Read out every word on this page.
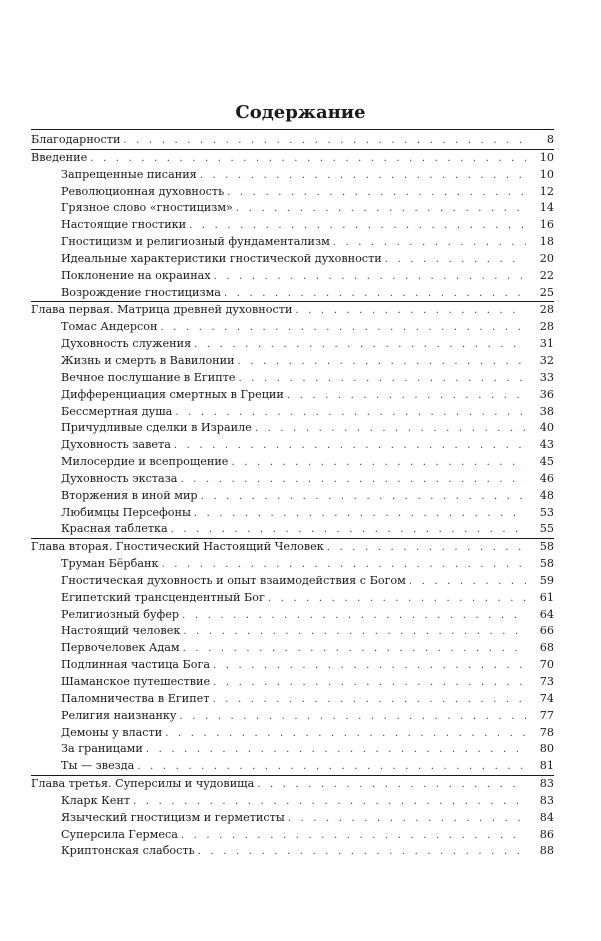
Содержание
Благодарности . . .	8
Введение . . .	10
Запрещенные писания . . .	10
Революционная духовность . . .	12
Грязное слово «гностицизм» . . .	14
Настоящие гностики . . .	16
Гностицизм и религиозный фундаментализм . . .	18
Идеальные характеристики гностической духовности . . .	20
Поклонение на окраинах . . .	22
Возрождение гностицизма . . .	25
Глава первая. Матрица древней духовности . . .	28
Томас Андерсон . . .	28
Духовность служения . . .	31
Жизнь и смерть в Вавилонии . . .	32
Вечное послушание в Египте . . .	33
Дифференциация смертных в Греции . . .	36
Бессмертная душа . . .	38
Причудливые сделки в Израиле . . .	40
Духовность завета . . .	43
Милосердие и всепрощение . . .	45
Духовность экстаза . . .	46
Вторжения в иной мир . . .	48
Любимцы Персефоны . . .	53
Красная таблетка . . .	55
Глава вторая. Гностический Настоящий Человек . . .	58
Труман Бёрбанк . . .	58
Гностическая духовность и опыт взаимодействия с Богом . . .	59
Египетский трансцендентный Бог . . .	61
Религиозный буфер . . .	64
Настоящий человек . . .	66
Первочеловек Адам . . .	68
Подлинная частица Бога . . .	70
Шаманское путешествие . . .	73
Паломничества в Египет . . .	74
Религия наизнанку . . .	77
Демоны у власти . . .	78
За границами . . .	80
Ты — звезда . . .	81
Глава третья. Суперсилы и чудовища . . .	83
Кларк Кент . . .	83
Языческий гностицизм и герметисты . . .	84
Суперсила Гермеса . . .	86
Криптонская слабость . . .	88
